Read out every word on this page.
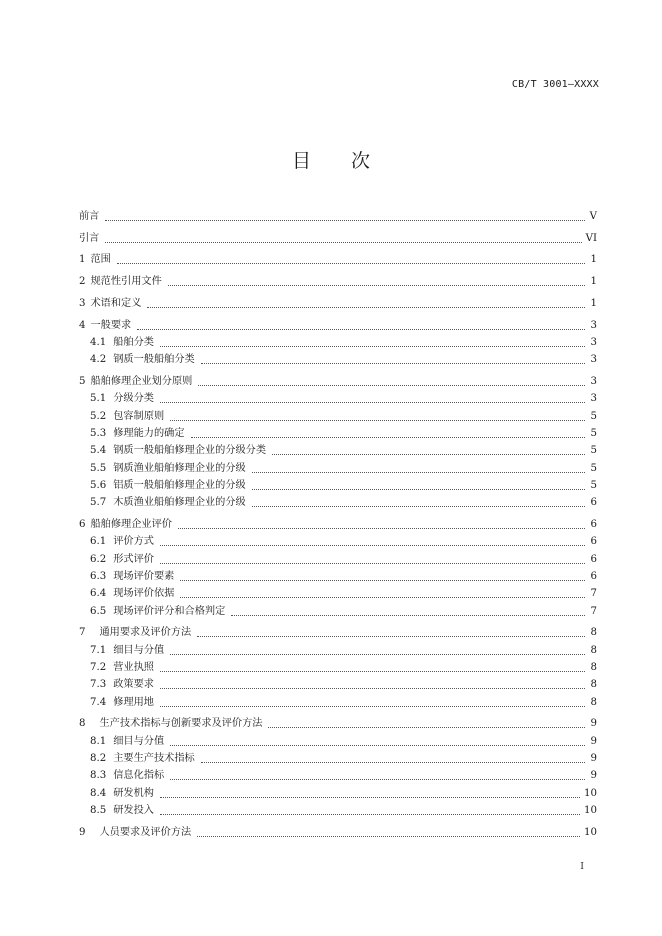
CB/T 3001—XXXX
目 次
前言	V
引言	VI
1 范围	1
2 规范性引用文件	1
3 术语和定义	1
4 一般要求	3
4.1 船舶分类	3
4.2 钢质一般船舶分类	3
5 船舶修理企业划分原则	3
5.1 分级分类	3
5.2 包容制原则	5
5.3 修理能力的确定	5
5.4 钢质一般船舶修理企业的分级分类	5
5.5 钢质渔业船舶修理企业的分级	5
5.6 铝质一般船舶修理企业的分级	5
5.7 木质渔业船舶修理企业的分级	6
6 船舶修理企业评价	6
6.1 评价方式	6
6.2 形式评价	6
6.3 现场评价要素	6
6.4 现场评价依据	7
6.5 现场评价评分和合格判定	7
7 通用要求及评价方法	8
7.1 细目与分值	8
7.2 营业执照	8
7.3 政策要求	8
7.4 修理用地	8
8 生产技术指标与创新要求及评价方法	9
8.1 细目与分值	9
8.2 主要生产技术指标	9
8.3 信息化指标	9
8.4 研发机构	10
8.5 研发投入	10
9 人员要求及评价方法	10
I
